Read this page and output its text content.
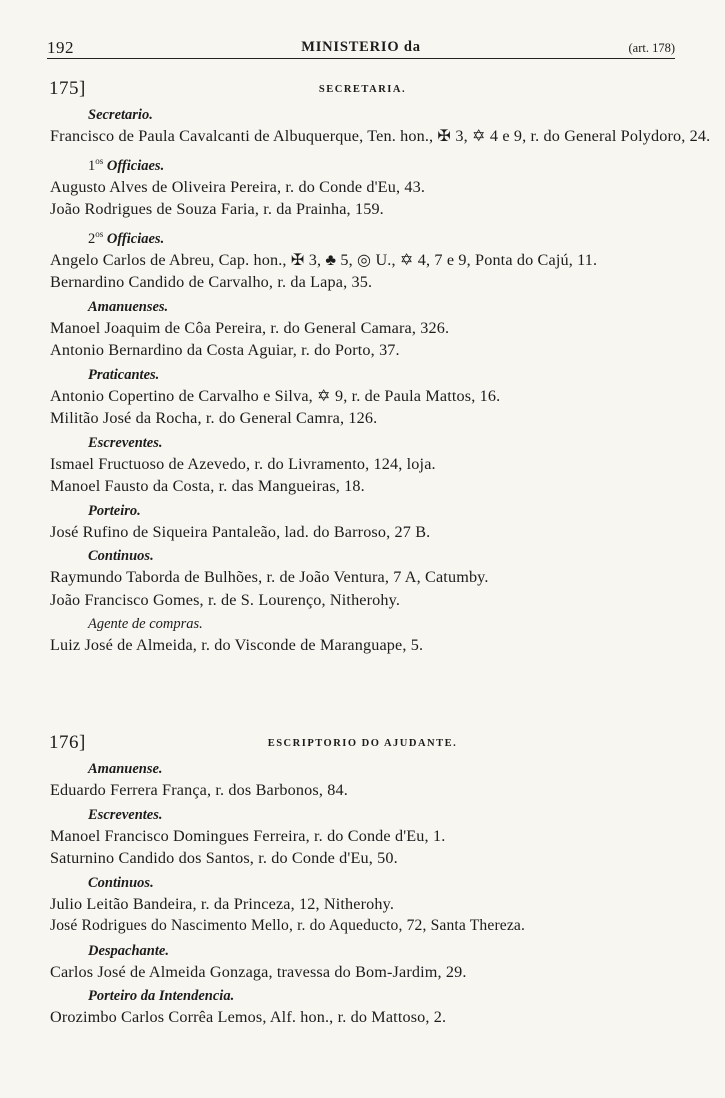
192	MINISTERIO da	(art. 178)
175]	SECRETARIA.
Secretario.
Francisco de Paula Cavalcanti de Albuquerque, Ten. hon., ✠ 3, ✡ 4 e 9, r. do General Polydoro, 24.
$1^{os}$ Officiaes.
Augusto Alves de Oliveira Pereira, r. do Conde d'Eu, 43.
João Rodrigues de Souza Faria, r. da Prainha, 159.
$2^{os}$ Officiaes.
Angelo Carlos de Abreu, Cap. hon., ✠ 3, ♣ 5, ◎ U., ✡ 4, 7 e 9, Ponta do Cajú, 11.
Bernardino Candido de Carvalho, r. da Lapa, 35.
Amanuenses.
Manoel Joaquim de Côa Pereira, r. do General Camara, 326.
Antonio Bernardino da Costa Aguiar, r. do Porto, 37.
Praticantes.
Antonio Copertino de Carvalho e Silva, ✡ 9, r. de Paula Mattos, 16.
Militão José da Rocha, r. do General Camra, 126.
Escreventes.
Ismael Fructuoso de Azevedo, r. do Livramento, 124, loja.
Manoel Fausto da Costa, r. das Mangueiras, 18.
Porteiro.
José Rufino de Siqueira Pantaleão, lad. do Barroso, 27 B.
Continuos.
Raymundo Taborda de Bulhões, r. de João Ventura, 7 A, Catumby.
João Francisco Gomes, r. de S. Lourenço, Nitherohy.
Agente de compras.
Luiz José de Almeida, r. do Visconde de Maranguape, 5.
176]	ESCRIPTORIO DO AJUDANTE.
Amanuense.
Eduardo Ferrera França, r. dos Barbonos, 84.
Escreventes.
Manoel Francisco Domingues Ferreira, r. do Conde d'Eu, 1.
Saturnino Candido dos Santos, r. do Conde d'Eu, 50.
Continuos.
Julio Leitão Bandeira, r. da Princeza, 12, Nitherohy.
José Rodrigues do Nascimento Mello, r. do Aqueducto, 72, Santa Thereza.
Despachante.
Carlos José de Almeida Gonzaga, travessa do Bom-Jardim, 29.
Porteiro da Intendencia.
Orozimbo Carlos Corrêa Lemos, Alf. hon., r. do Mattoso, 2.
